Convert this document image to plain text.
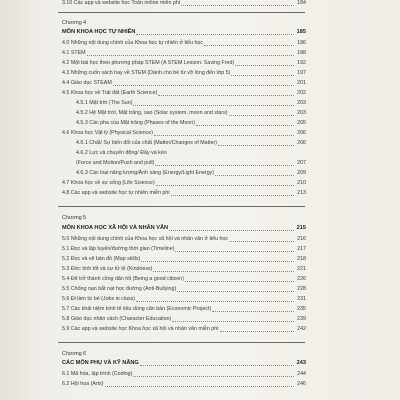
3.10 Các app và website học Toán online miễn phí	184
Chương 4
MÔN KHOA HỌC TỰ NHIÊN	185
4.0 Những nội dung chính của Khoa học tự nhiên ở tiểu học	186
4.1 STEM	188
4.2 Một bài học theo phương pháp STEM (A STEM Lesson: Saving Fred)	192
4.3 Những cuốn sách hay về STEM (Dành cho bé từ vỡ lòng đến lớp 5)	197
4.4 Giáo dục STEAM	201
4.5 Khoa học về Trái đất (Earth Science)	202
4.5.1 Mặt trời (The Sun)	203
4.5.2 Hệ Mặt trời, Mặt trăng, sao (Solar system, moon and stars)	203
4.5.3 Các pha của Mặt trăng (Phases of the Moon)	205
4.6 Khoa học Vật lý (Physical Science)	206
4.6.1 Chất/ Sự biến đổi của chất (Matter/Changes of Matter)	206
4.6.2 Lực và chuyển động/ Đẩy và kéo
(Force and Motion/Push and pull)	207
4.6.3 Các loại năng lượng/Ánh sáng (Energy/Light Energy)	209
4.7 Khoa học về sự sống (Life Science)	210
4.8 Các app và website học tự nhiên miễn phí	213
Chương 5
MÔN KHOA HỌC XÃ HỘI VÀ NHÂN VĂN	215
5.0 Những nội dung chính của Khoa học xã hội và nhân văn ở tiểu học	216
5.1 Đọc và lập tuyến/đường thời gian (Timeline)	217
5.2 Đọc và vẽ bản đồ (Map skills)	218
5.3 Đức tính tốt và sự tử tế (Kindness)	221
5.4 Để trở thành công dân tốt (Being a good citizen)	226
5.5 Chống nạn bắt nạt học đường (Anti-Bullying)	228
5.6 Đi làm từ bé (Jobs in class)	231
5.7 Các khái niệm kinh tế tiêu dùng căn bản (Economic Project)	235
5.8 Giáo dục nhân cách (Character Education)	239
5.9 Các app và website học Khoa học xã hội và nhân văn miễn phí	242
Chương 6
CÁC MÔN PHỤ VÀ KỸ NĂNG	243
6.1 Mã hóa, lập trình (Coding)	244
6.2 Hội họa (Arts)	246
